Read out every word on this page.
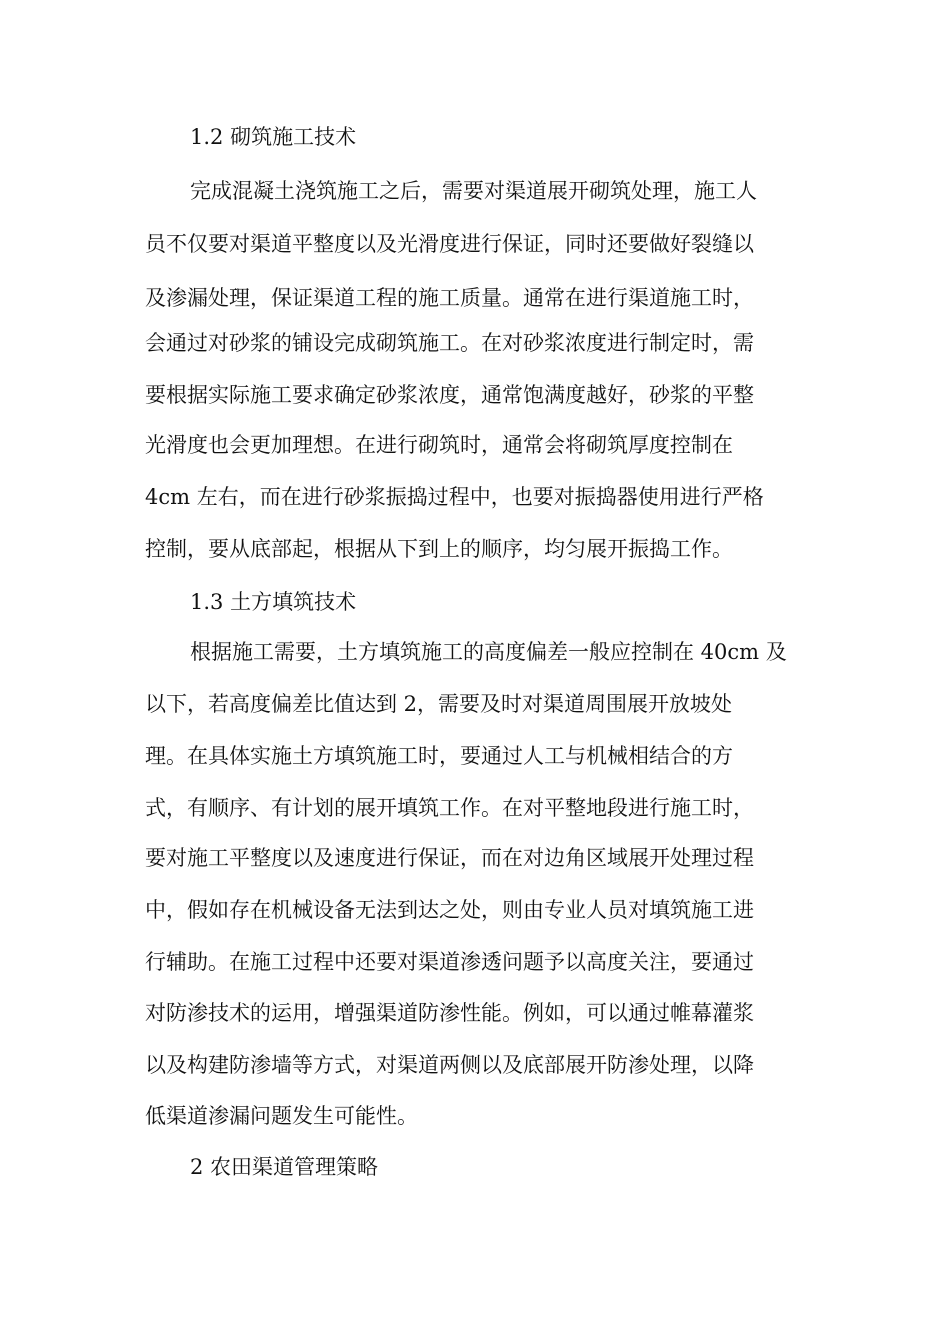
1.2 砌筑施工技术

完成混凝土浇筑施工之后，需要对渠道展开砌筑处理，施工人

员不仅要对渠道平整度以及光滑度进行保证，同时还要做好裂缝以

及渗漏处理，保证渠道工程的施工质量。通常在进行渠道施工时，

会通过对砂浆的铺设完成砌筑施工。在对砂浆浓度进行制定时，需

要根据实际施工要求确定砂浆浓度，通常饱满度越好，砂浆的平整

光滑度也会更加理想。在进行砌筑时，通常会将砌筑厚度控制在

4cm 左右，而在进行砂浆振捣过程中，也要对振捣器使用进行严格

控制，要从底部起，根据从下到上的顺序，均匀展开振捣工作。

1.3 土方填筑技术

根据施工需要，土方填筑施工的高度偏差一般应控制在 40cm 及

以下，若高度偏差比值达到 2，需要及时对渠道周围展开放坡处

理。在具体实施土方填筑施工时，要通过人工与机械相结合的方

式，有顺序、有计划的展开填筑工作。在对平整地段进行施工时，

要对施工平整度以及速度进行保证，而在对边角区域展开处理过程

中，假如存在机械设备无法到达之处，则由专业人员对填筑施工进

行辅助。在施工过程中还要对渠道渗透问题予以高度关注，要通过

对防渗技术的运用，增强渠道防渗性能。例如，可以通过帷幕灌浆

以及构建防渗墙等方式，对渠道两侧以及底部展开防渗处理，以降

低渠道渗漏问题发生可能性。

2 农田渠道管理策略
